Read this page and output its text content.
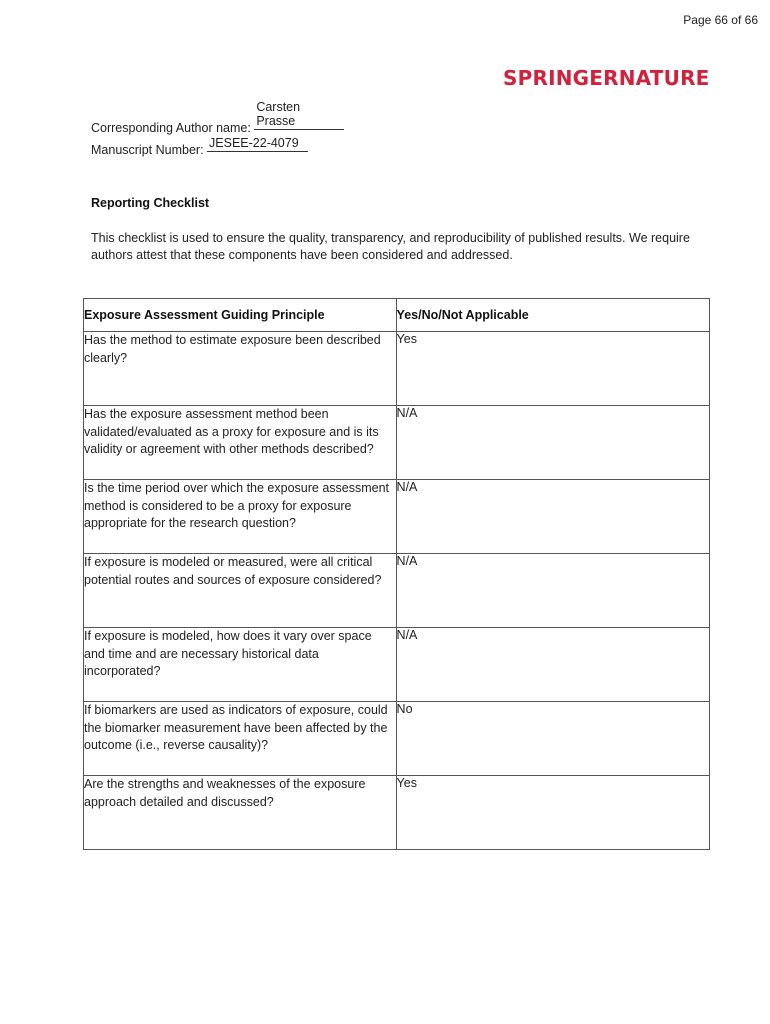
Page 66 of 66
SPRINGERNATURE
Corresponding Author name: Carsten Prasse
Manuscript Number: JESEE-22-4079
Reporting Checklist
This checklist is used to ensure the quality, transparency, and reproducibility of published results. We require authors attest that these components have been considered and addressed.
Exposure Assessment Guiding Principle	Yes/No/Not Applicable
Has the method to estimate exposure been described clearly?	Yes
Has the exposure assessment method been validated/evaluated as a proxy for exposure and is its validity or agreement with other methods described?	N/A
Is the time period over which the exposure assessment method is considered to be a proxy for exposure appropriate for the research question?	N/A
If exposure is modeled or measured, were all critical potential routes and sources of exposure considered?	N/A
If exposure is modeled, how does it vary over space and time and are necessary historical data incorporated?	N/A
If biomarkers are used as indicators of exposure, could the biomarker measurement have been affected by the outcome (i.e., reverse causality)?	No
Are the strengths and weaknesses of the exposure approach detailed and discussed?	Yes
